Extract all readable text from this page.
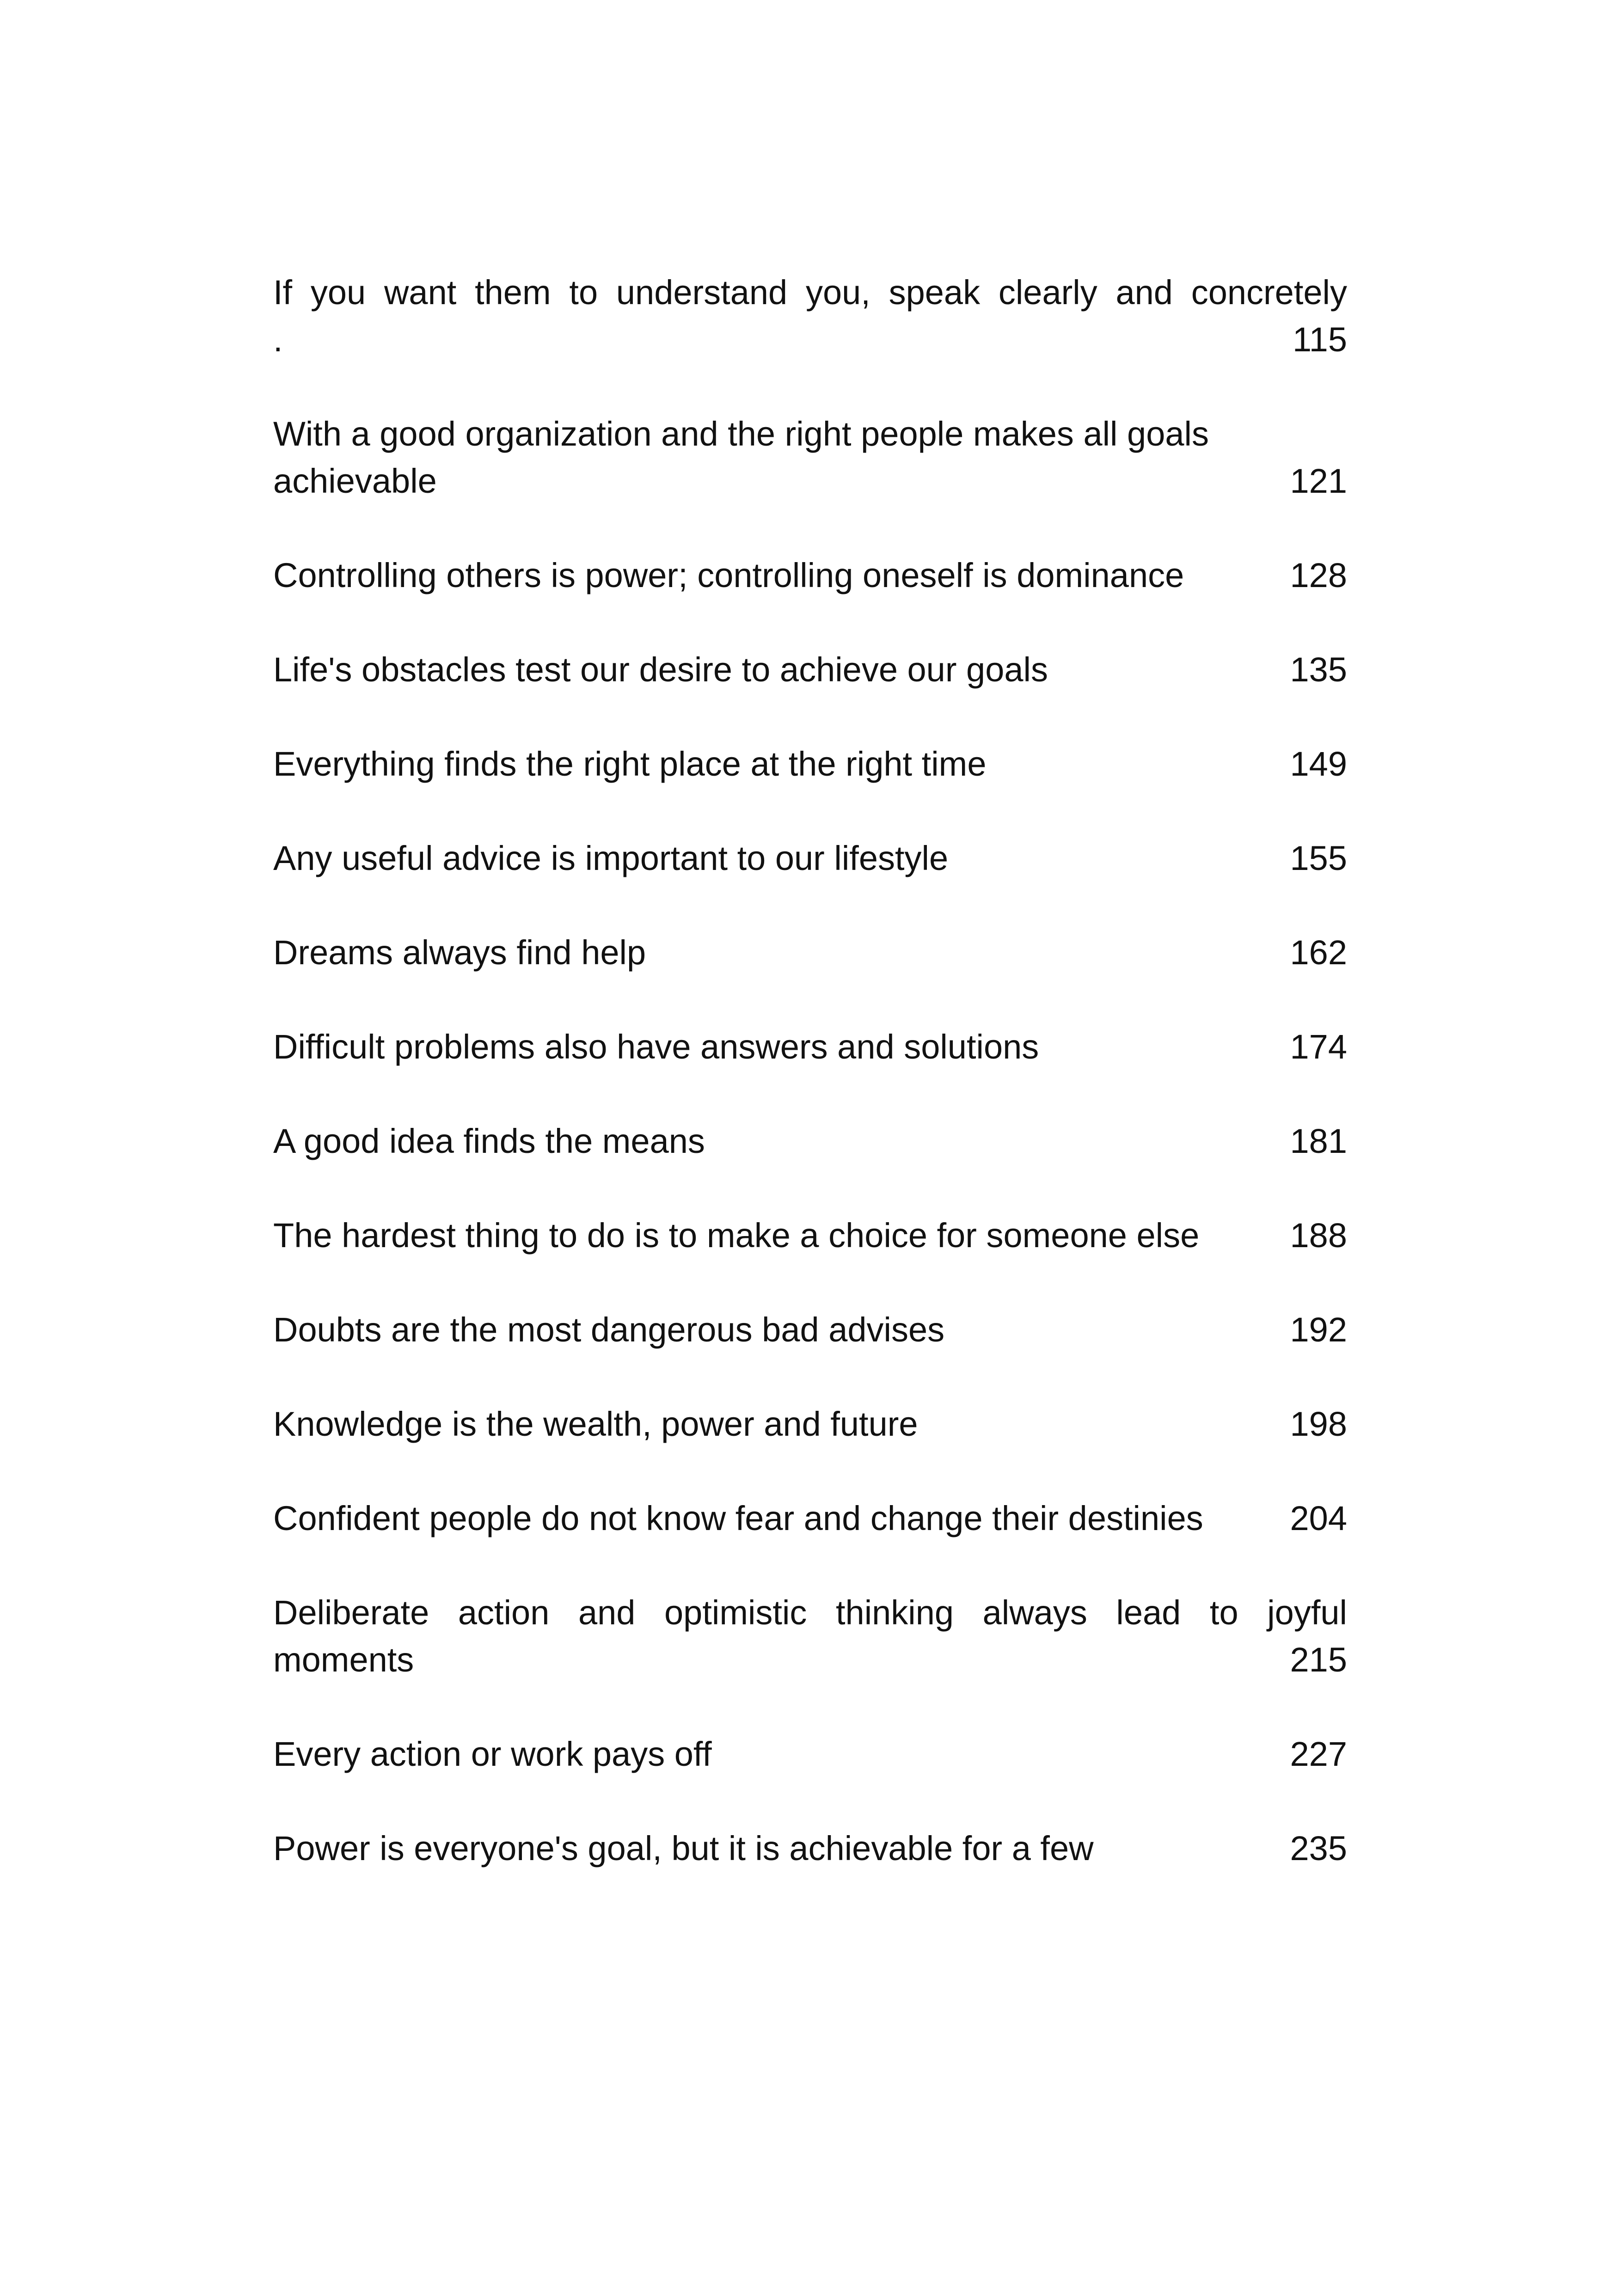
If you want them to understand you, speak clearly and concretely
.	115
With a good organization and the right people makes all goals
achievable	121
Controlling others is power; controlling oneself is dominance	128
Life's obstacles test our desire to achieve our goals	135
Everything finds the right place at the right time	149
Any useful advice is important to our lifestyle	155
Dreams always find help	162
Difficult problems also have answers and solutions	174
A good idea finds the means	181
The hardest thing to do is to make a choice for someone else	188
Doubts are the most dangerous bad advises	192
Knowledge is the wealth, power and future	198
Confident people do not know fear and change their destinies	204
Deliberate action and optimistic thinking always lead to joyful
moments	215
Every action or work pays off	227
Power is everyone's goal, but it is achievable for a few	235
